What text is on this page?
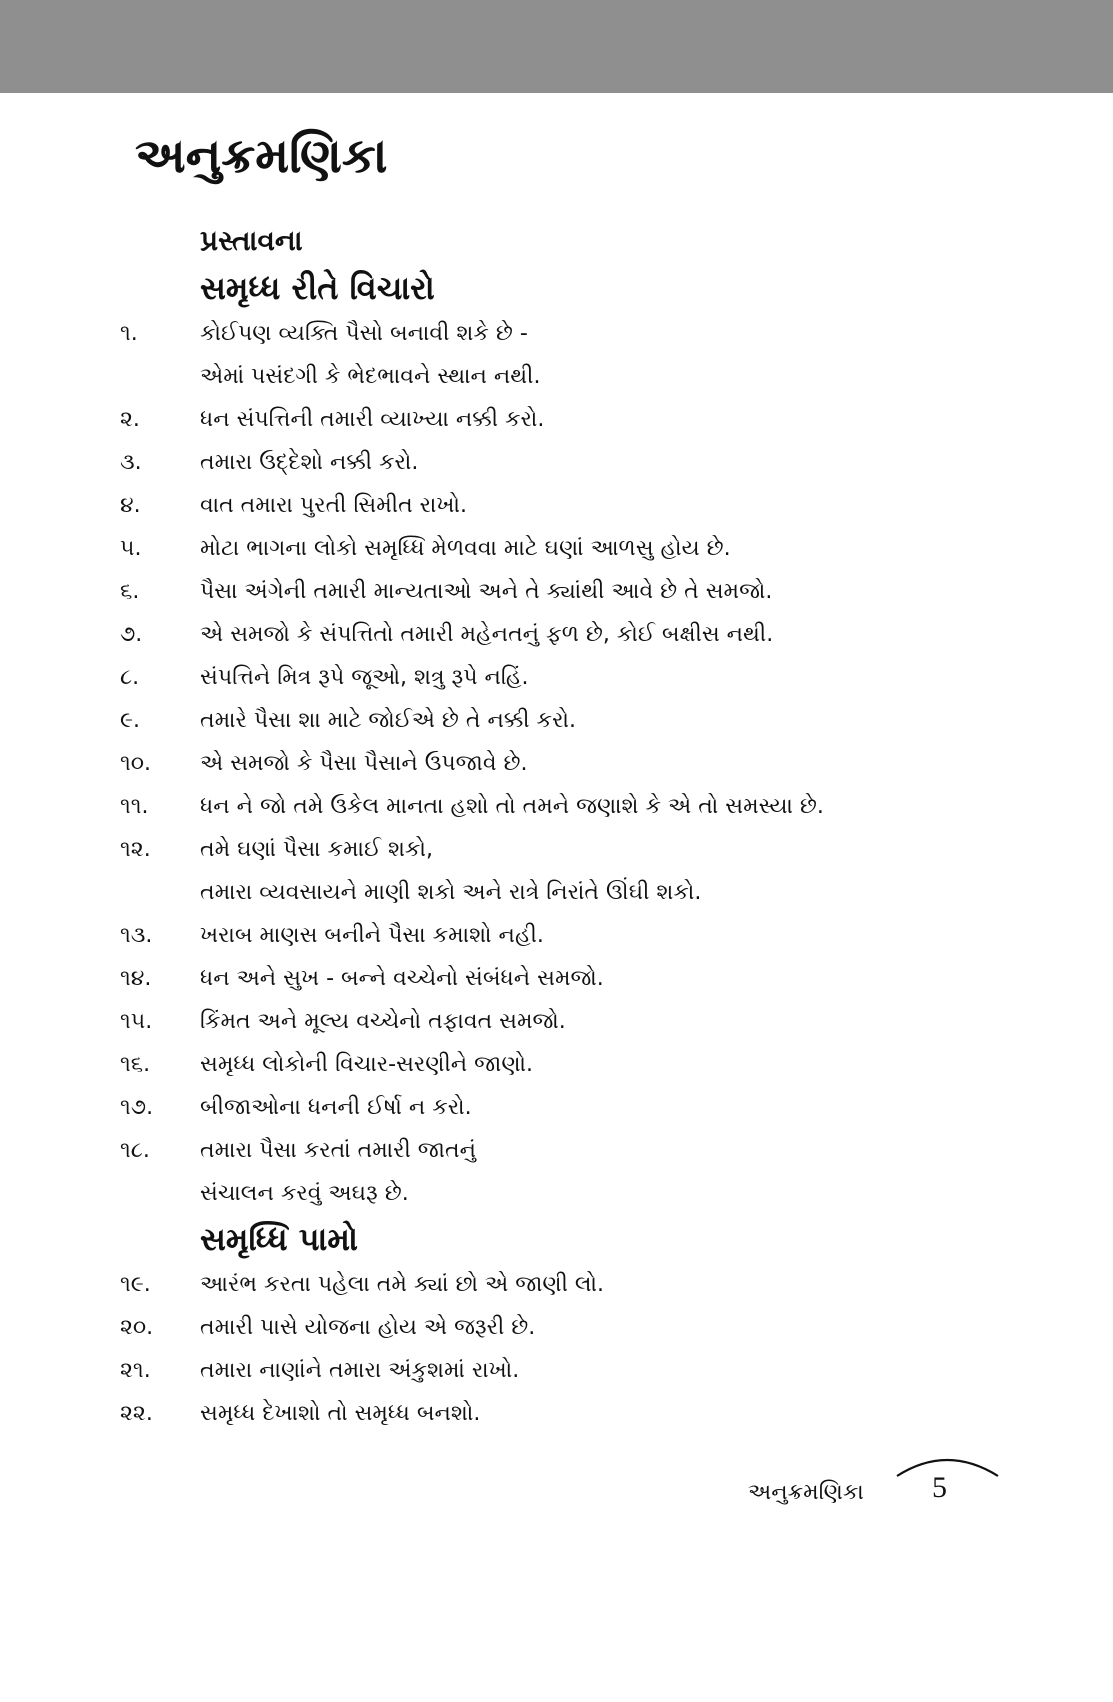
અનુક્રમણિકા
પ્રસ્તાવના
સમૃધ્ધ રીતે વિચારો
૧.	કોઈપણ વ્યક્તિ પૈસો બનાવી શકે છે -
એમાં પસંદગી કે ભેદભાવને સ્થાન નથી.
૨.	ધન સંપત્તિની તમારી વ્યાખ્યા નક્કી કરો.
૩.	તમારા ઉદ્દેશો નક્કી કરો.
૪.	વાત તમારા પુરતી સિમીત રાખો.
૫.	મોટા ભાગના લોકો સમૃધ્ધિ મેળવવા માટે ઘણાં આળસુ હોય છે.
૬.	પૈસા અંગેની તમારી માન્યતાઓ અને તે ક્યાંથી આવે છે તે સમજો.
૭.	એ સમજો કે સંપત્તિતો તમારી મહેનતનું ફળ છે, કોઈ બક્ષીસ નથી.
૮.	સંપત્તિને મિત્ર રૂપે જૂઓ, શત્રુ રૂપે નહિં.
૯.	તમારે પૈસા શા માટે જોઈએ છે તે નક્કી કરો.
૧૦.	એ સમજો કે પૈસા પૈસાને ઉપજાવે છે.
૧૧.	ધન ને જો તમે ઉકેલ માનતા હશો તો તમને જણાશે કે એ તો સમસ્યા છે.
૧૨.	તમે ઘણાં પૈસા કમાઈ શકો,
તમારા વ્યવસાયને માણી શકો અને રાત્રે નિરાંતે ઊંઘી શકો.
૧૩.	ખરાબ માણસ બનીને પૈસા કમાશો નહી.
૧૪.	ધન અને સુખ - બન્ને વચ્ચેનો સંબંધને સમજો.
૧૫.	કિંમત અને મૂલ્ય વચ્ચેનો તફાવત સમજો.
૧૬.	સમૃધ્ધ લોકોની વિચાર-સરણીને જાણો.
૧૭.	બીજાઓના ધનની ઈર્ષા ન કરો.
૧૮.	તમારા પૈસા કરતાં તમારી જાતનું
સંચાલન કરવું અઘરૂ છે.
સમૃધ્ધિ પામો
૧૯.	આરંભ કરતા પહેલા તમે ક્યાં છો એ જાણી લો.
૨૦.	તમારી પાસે યોજના હોય એ જરૂરી છે.
૨૧.	તમારા નાણાંને તમારા અંકુશમાં રાખો.
૨૨.	સમૃધ્ધ દેખાશો તો સમૃધ્ધ બનશો.
અનુક્રમણિકા 5
